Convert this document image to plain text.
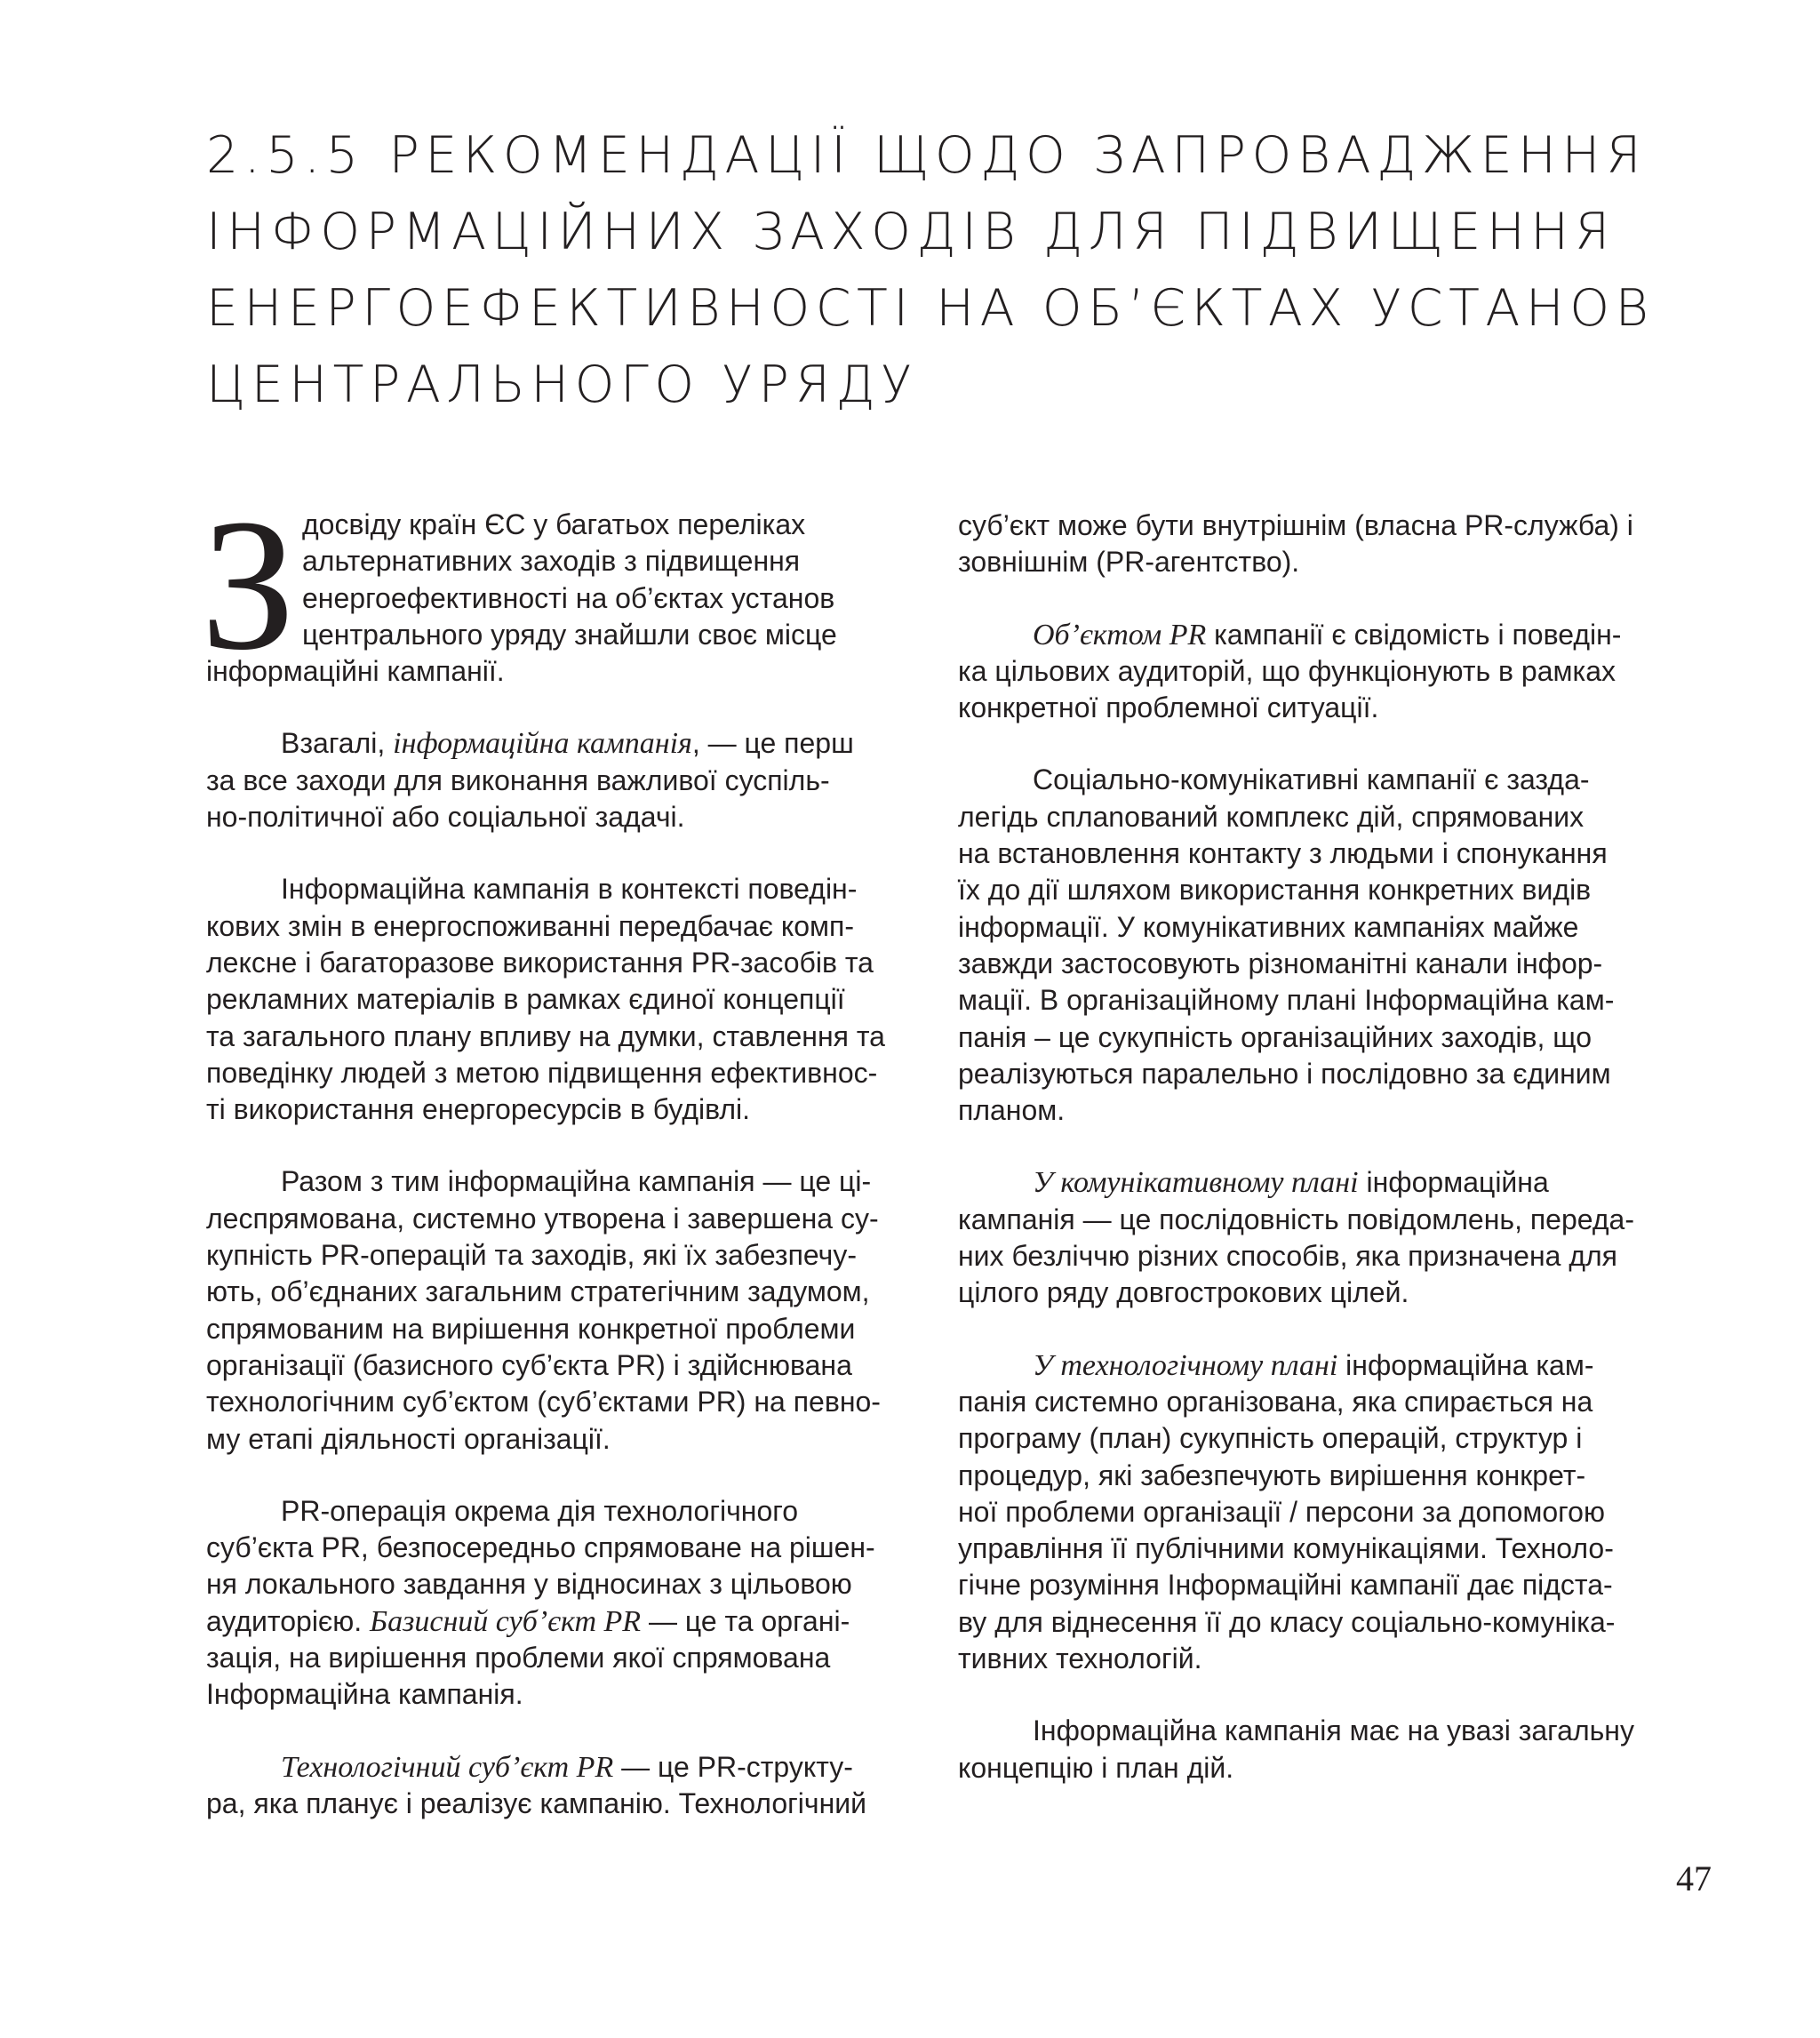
2.5.5 РЕКОМЕНДАЦІЇ ЩОДО ЗАПРОВАДЖЕННЯ
ІНФОРМАЦІЙНИХ ЗАХОДІВ ДЛЯ ПІДВИЩЕННЯ
ЕНЕРГОЕФЕКТИВНОСТІ НА ОБ’ЄКТАХ УСТАНОВ
ЦЕНТРАЛЬНОГО УРЯДУ
З досвіду країн ЄС у багатьох переліках
альтернативних заходів з підвищення
енергоефективності на об’єктах установ
центрального уряду знайшли своє місце
інформаційні кампанії.
Взагалі, інформаційна кампанія, — це перш
за все заходи для виконання важливої суспіль-
но-політичної або соціальної задачі.
Інформаційна кампанія в контексті поведін-
кових змін в енергоспоживанні передбачає комп-
лексне і багаторазове використання PR-засобів та
рекламних матеріалів в рамках єдиної концепції
та загального плану впливу на думки, ставлення та
поведінку людей з метою підвищення ефективнос-
ті використання енергоресурсів в будівлі.
Разом з тим інформаційна кампанія — це ці-
леспрямована, системно утворена і завершена су-
купність PR-операцій та заходів, які їх забезпечу-
ють, об’єднаних загальним стратегічним задумом,
спрямованим на вирішення конкретної проблеми
організації (базисного суб’єкта PR) і здійснювана
технологічним суб’єктом (суб’єктами PR) на певно-
му етапі діяльності організації.
PR-операція окрема дія технологічного
суб’єкта PR, безпосередньо спрямоване на рішен-
ня локального завдання у відносинах з цільовою
аудиторією. Базисний суб’єкт PR — це та органі-
зація, на вирішення проблеми якої спрямована
Інформаційна кампанія.
Технологічний суб’єкт PR — це PR-структу-
ра, яка планує і реалізує кампанію. Технологічний
суб’єкт може бути внутрішнім (власна PR-служба) і
зовнішнім (PR-агентство).
Об’єктом PR кампанії є свідомість і поведін-
ка цільових аудиторій, що функціонують в рамках
конкретної проблемної ситуації.
Соціально-комунікативні кампанії є зазда-
легідь сплanований комплекс дій, спрямованих
на встановлення контакту з людьми і спонукання
їх до дії шляхом використання конкретних видів
інформації. У комунікативних кампаніях майже
завжди застосовують різноманітні канали інфор-
мації. В організаційному плані Інформаційна кам-
панія – це сукупність організаційних заходів, що
реалізуються паралельно і послідовно за єдиним
планом.
У комунікативному плані інформаційна
кампанія — це послідовність повідомлень, переда-
них безліччю різних способів, яка призначена для
цілого ряду довгострокових цілей.
У технологічному плані інформаційна кам-
панія системно організована, яка спирається на
програму (план) сукупність операцій, структур і
процедур, які забезпечують вирішення конкрет-
ної проблеми організації / персони за допомогою
управління її публічними комунікаціями. Техноло-
гічне розуміння Інформаційні кампанії дає підста-
ву для віднесення її до класу соціально-комуніка-
тивних технологій.
Інформаційна кампанія має на увазі загальну
концепцію і план дій.
47
